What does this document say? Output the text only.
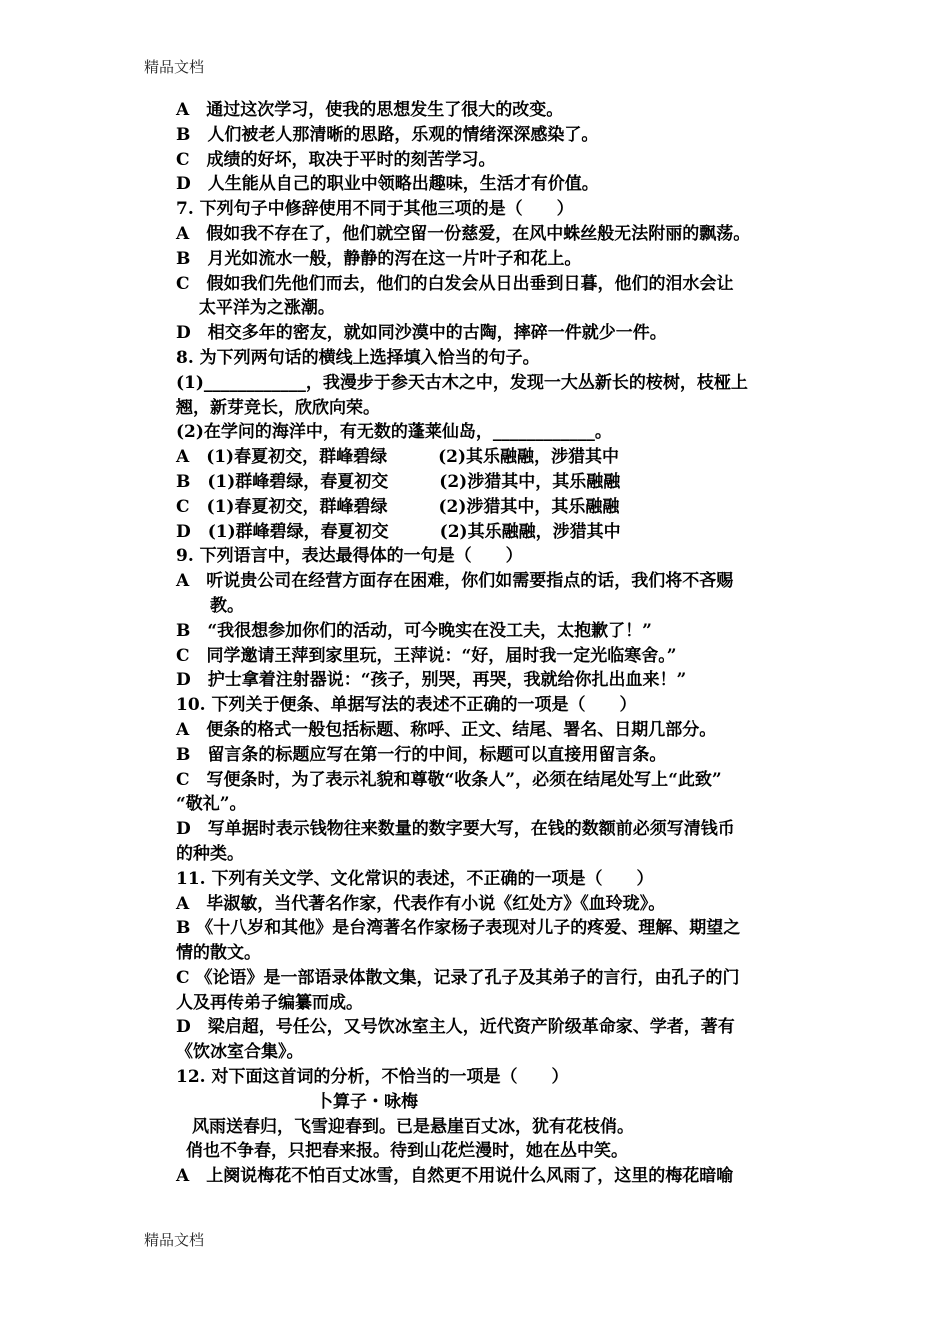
精品文档
A　通过这次学习，使我的思想发生了很大的改变。
B　人们被老人那清晰的思路，乐观的情绪深深感染了。
C　成绩的好坏，取决于平时的刻苦学习。
D　人生能从自己的职业中领略出趣味，生活才有价值。
7. 下列句子中修辞使用不同于其他三项的是（　　）
A　假如我不存在了，他们就空留一份慈爱，在风中蛛丝般无法附丽的飘荡。
B　月光如流水一般，静静的泻在这一片叶子和花上。
C　假如我们先他们而去，他们的白发会从日出垂到日暮，他们的泪水会让
　 太平洋为之涨潮。
D　相交多年的密友，就如同沙漠中的古陶，摔碎一件就少一件。
8. 为下列两句话的横线上选择填入恰当的句子。
(1)____________，我漫步于参天古木之中，发现一大丛新长的桉树，枝桠上
翘，新芽竞长，欣欣向荣。
(2)在学问的海洋中，有无数的蓬莱仙岛，____________。
A　(1)春夏初交，群峰碧绿　　　(2)其乐融融，涉猎其中
B　(1)群峰碧绿，春夏初交　　　(2)涉猎其中，其乐融融
C　(1)春夏初交，群峰碧绿　　　(2)涉猎其中，其乐融融
D　(1)群峰碧绿，春夏初交　　　(2)其乐融融，涉猎其中
9. 下列语言中，表达最得体的一句是（　　）
A　听说贵公司在经营方面存在困难，你们如需要指点的话，我们将不吝赐
　　教。
B　“我很想参加你们的活动，可今晚实在没工夫，太抱歉了！”
C　同学邀请王萍到家里玩，王萍说：“好，届时我一定光临寒舍。”
D　护士拿着注射器说：“孩子，别哭，再哭，我就给你扎出血来！”
10. 下列关于便条、单据写法的表述不正确的一项是（　　）
A　便条的格式一般包括标题、称呼、正文、结尾、署名、日期几部分。
B　留言条的标题应写在第一行的中间，标题可以直接用留言条。
C　写便条时，为了表示礼貌和尊敬“收条人”，必须在结尾处写上“此致”
“敬礼”。
D　写单据时表示钱物往来数量的数字要大写，在钱的数额前必须写清钱币
的种类。
11. 下列有关文学、文化常识的表述，不正确的一项是（　　）
A　毕淑敏，当代著名作家，代表作有小说《红处方》《血玲珑》。
B 《十八岁和其他》是台湾著名作家杨子表现对儿子的疼爱、理解、期望之
情的散文。
C 《论语》是一部语录体散文集，记录了孔子及其弟子的言行，由孔子的门
人及再传弟子编纂而成。
D　梁启超，号任公，又号饮冰室主人，近代资产阶级革命家、学者，著有
《饮冰室合集》。
12. 对下面这首词的分析，不恰当的一项是（　　）
卜算子・咏梅
风雨送春归，飞雪迎春到。已是悬崖百丈冰，犹有花枝俏。
俏也不争春，只把春来报。待到山花烂漫时，她在丛中笑。
A　上阕说梅花不怕百丈冰雪，自然更不用说什么风雨了，这里的梅花暗喻
精品文档
